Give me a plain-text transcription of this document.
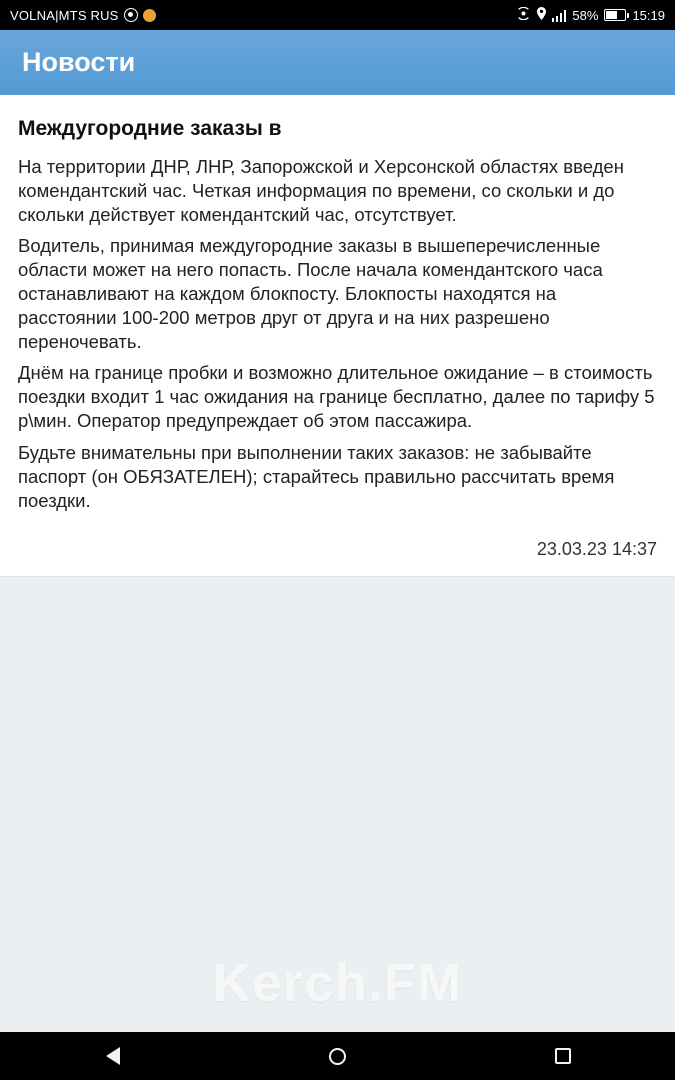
VOLNA|MTS RUS	58%	15:19
Новости
Междугородние заказы в

На территории ДНР, ЛНР, Запорожской и Херсонской областях введен комендантский час. Четкая информация по времени, со скольки и до скольки действует комендантский час, отсутствует.

Водитель, принимая междугородние заказы в вышеперечисленные области может на него попасть. После начала комендантского часа останавливают на каждом блокпосту. Блокпосты находятся на расстоянии 100-200 метров друг от друга и на них разрешено переночевать.

Днём на границе пробки и возможно длительное ожидание – в стоимость поездки входит 1 час ожидания на границе бесплатно, далее по тарифу 5 р\мин. Оператор предупреждает об этом пассажира.

Будьте внимательны при выполнении таких заказов: не забывайте паспорт (он ОБЯЗАТЕЛЕН); старайтесь правильно рассчитать время поездки.

23.03.23 14:37
Kerch.FM
